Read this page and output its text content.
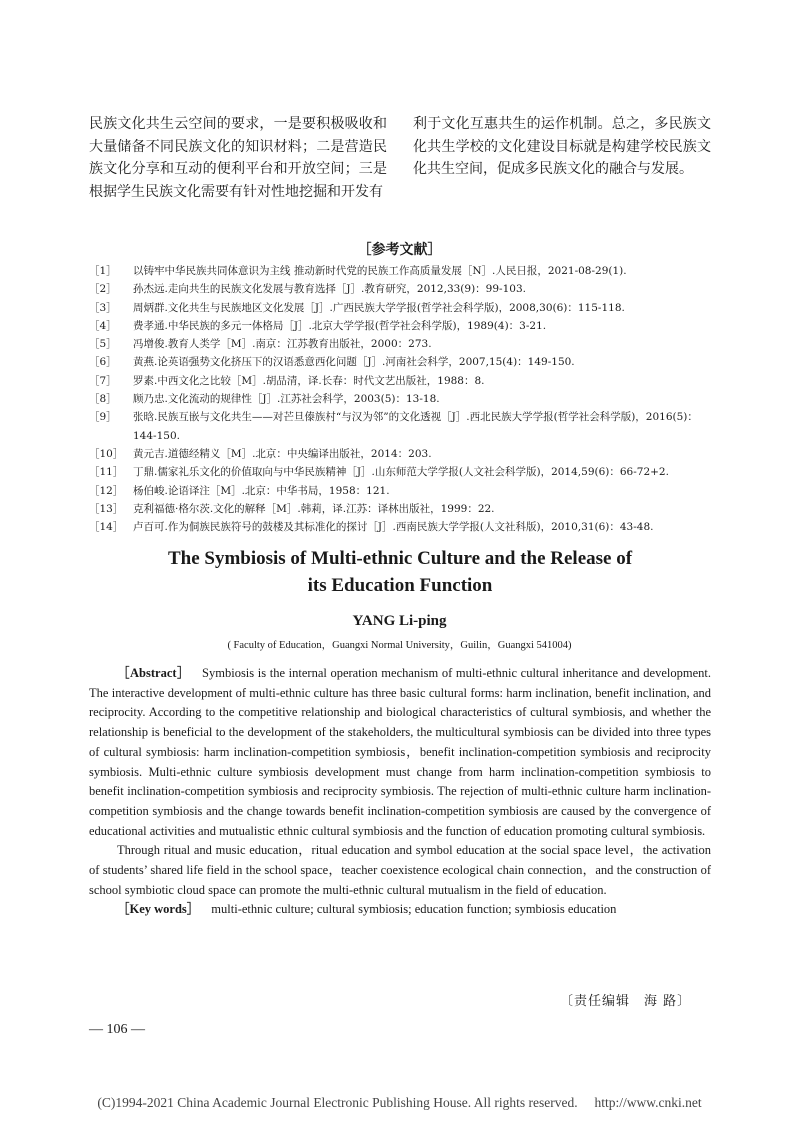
民族文化共生云空间的要求，一是要积极吸收和大量储备不同民族文化的知识材料；二是营造民族文化分享和互动的便利平台和开放空间；三是根据学生民族文化需要有针对性地挖掘和开发有

利于文化互惠共生的运作机制。总之，多民族文化共生学校的文化建设目标就是构建学校民族文化共生空间，促成多民族文化的融合与发展。

［参考文献］
［1］	以铸牢中华民族共同体意识为主线 推动新时代党的民族工作高质量发展［N］.人民日报，2021-08-29(1).
［2］	孙杰远.走向共生的民族文化发展与教育选择［J］.教育研究，2012,33(9)：99-103.
［3］	周炳群.文化共生与民族地区文化发展［J］.广西民族大学学报(哲学社会科学版)，2008,30(6)：115-118.
［4］	费孝通.中华民族的多元一体格局［J］.北京大学学报(哲学社会科学版)，1989(4)：3-21.
［5］	冯增俊.教育人类学［M］.南京：江苏教育出版社，2000：273.
［6］	黄燕.论英语强势文化挤压下的汉语悉意西化问题［J］.河南社会科学，2007,15(4)：149-150.
［7］	罗素.中西文化之比较［M］.胡品清，译.长春：时代文艺出版社，1988：8.
［8］	顾乃忠.文化流动的规律性［J］.江苏社会科学，2003(5)：13-18.
［9］	张晗.民族互嵌与文化共生——对芒旦傣族村“与汉为邻”的文化透视［J］.西北民族大学学报(哲学社会科学版)，2016(5)：144-150.
［10］ 黄元吉.道德经精义［M］.北京：中央编译出版社，2014：203.
［11］ 丁鼎.儒家礼乐文化的价值取向与中华民族精神［J］.山东师范大学学报(人文社会科学版)，2014,59(6)：66-72+2.
［12］ 杨伯峻.论语译注［M］.北京：中华书局，1958：121.
［13］ 克利福德·格尔茨.文化的解释［M］.韩莉，译.江苏：译林出版社，1999：22.
［14］ 卢百可.作为侗族民族符号的鼓楼及其标准化的探讨［J］.西南民族大学学报(人文社科版)，2010,31(6)：43-48.
The Symbiosis of Multi-ethnic Culture and the Release of
its Education Function
YANG Li-ping
( Faculty of Education，Guangxi Normal University，Guilin，Guangxi 541004)

［Abstract］ Symbiosis is the internal operation mechanism of multi-ethnic cultural inheritance and development. The interactive development of multi-ethnic culture has three basic cultural forms: harm inclination, benefit inclination, and reciprocity. According to the competitive relationship and biological characteristics of cultural symbiosis, and whether the relationship is beneficial to the development of the stakeholders, the multicultural symbiosis can be divided into three types of cultural symbiosis: harm inclination-competition symbiosis，benefit inclination-competition symbiosis and reciprocity symbiosis. Multi-ethnic culture symbiosis development must change from harm inclination-competition symbiosis to benefit inclination-competition symbiosis and reciprocity symbiosis. The rejection of multi-ethnic culture harm inclination-competition symbiosis and the change towards benefit inclination-competition symbiosis are caused by the convergence of educational activities and mutualistic ethnic cultural symbiosis and the function of education promoting cultural symbiosis.

Through ritual and music education，ritual education and symbol education at the social space level，the activation of students’ shared life field in the school space，teacher coexistence ecological chain connection，and the construction of school symbiotic cloud space can promote the multi-ethnic cultural mutualism in the field of education.

［Key words］ multi-ethnic culture; cultural symbiosis; education function; symbiosis education

〔责任编辑　海 路〕
— 106 —
(C)1994-2021 China Academic Journal Electronic Publishing House. All rights reserved.　 http://www.cnki.net
